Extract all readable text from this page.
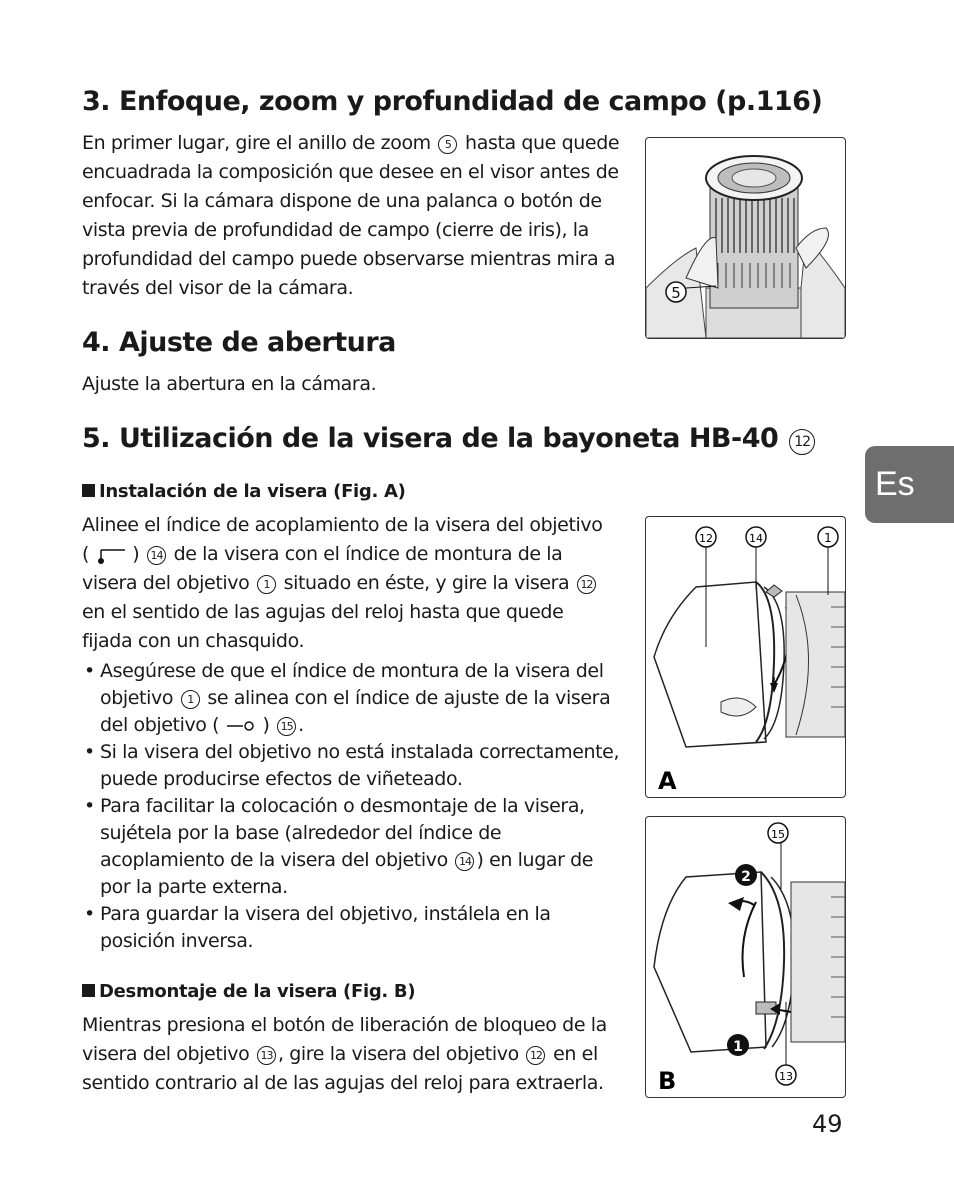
3. Enfoque, zoom y profundidad de campo (p.116)

En primer lugar, gire el anillo de zoom 5 hasta que quede encuadrada la composición que desee en el visor antes de enfocar. Si la cámara dispone de una palanca o botón de vista previa de profundidad de campo (cierre de iris), la profundidad del campo puede observarse mientras mira a través del visor de la cámara.	5
4. Ajuste de abertura

Ajuste la abertura en la cámara.

5. Utilización de la visera de la bayoneta HB-40 12
Instalación de la visera (Fig. A)
Alinee el índice de acoplamiento de la visera del objetivo
(  ) 14 de la visera con el índice de montura de la
visera del objetivo 1 situado en éste, y gire la visera 12
en el sentido de las agujas del reloj hasta que quede
fijada con un chasquido.
• Asegúrese de que el índice de montura de la visera del objetivo 1 se alinea con el índice de ajuste de la visera del objetivo (  ) 15 .
• Si la visera del objetivo no está instalada correctamente, puede producirse efectos de viñeteado.
• Para facilitar la colocación o desmontaje de la visera, sujétela por la base (alrededor del índice de acoplamiento de la visera del objetivo 14 ) en lugar de por la parte externa.
• Para guardar la visera del objetivo, instálela en la posición inversa.
Desmontaje de la visera (Fig. B)

Mientras presiona el botón de liberación de bloqueo de la visera del objetivo 13 , gire la visera del objetivo 12 en el sentido contrario al de las agujas del reloj para extraerla.

12	14	1
A
15
13
2
1
B
Es
49
